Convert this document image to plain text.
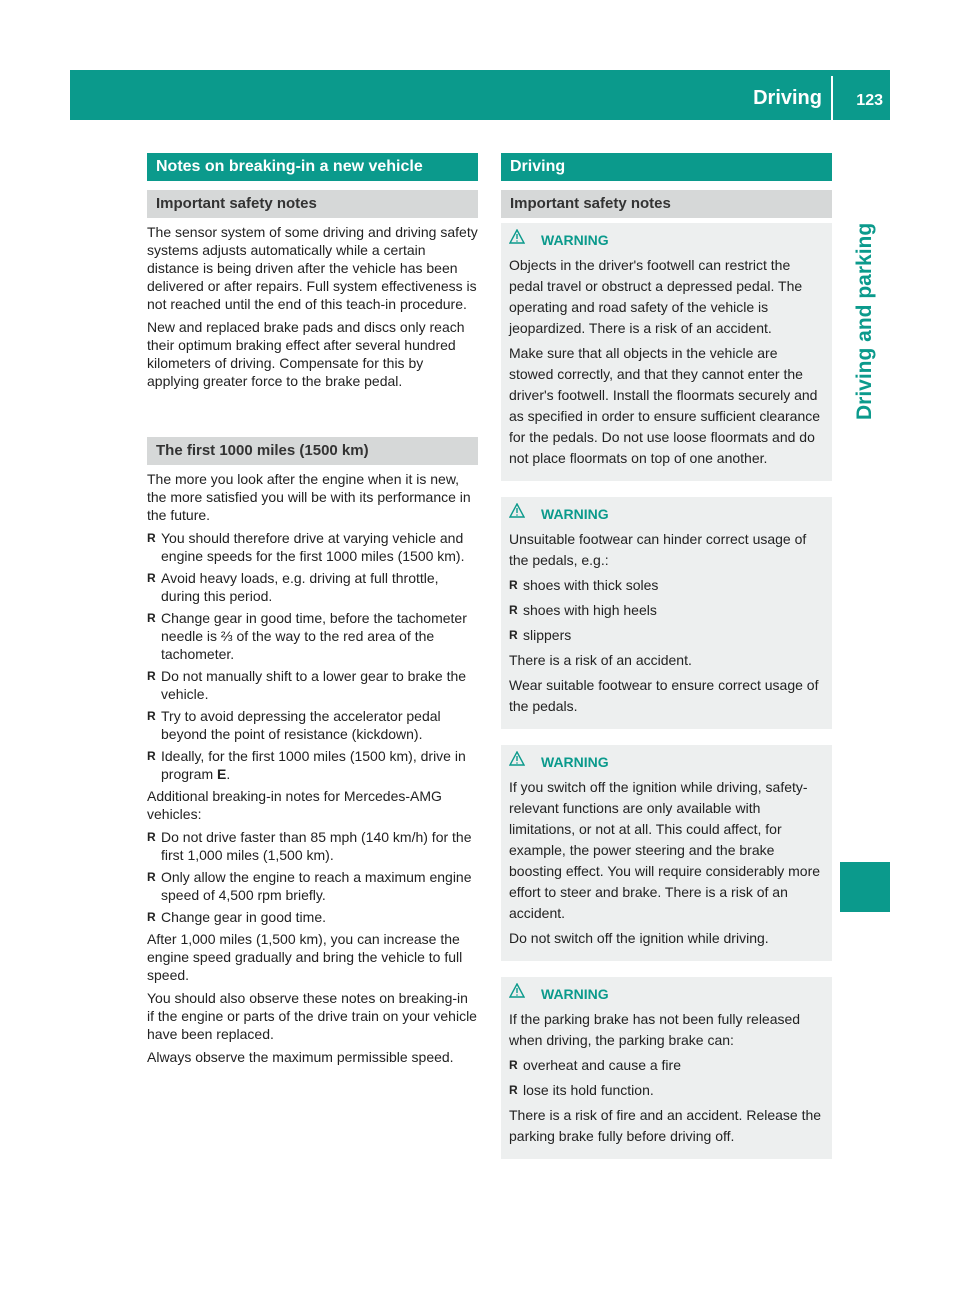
Driving 123
Driving and parking
Notes on breaking-in a new vehicle
Important safety notes

The sensor system of some driving and driving safety systems adjusts automatically while a certain distance is being driven after the vehicle has been delivered or after repairs. Full system effectiveness is not reached until the end of this teach-in procedure.

New and replaced brake pads and discs only reach their optimum braking effect after several hundred kilometers of driving. Compensate for this by applying greater force to the brake pedal.

The first 1000 miles (1500 km)

The more you look after the engine when it is new, the more satisfied you will be with its performance in the future.

R You should therefore drive at varying vehicle and engine speeds for the first 1000 miles (1500 km).
R Avoid heavy loads, e.g. driving at full throttle, during this period.
R Change gear in good time, before the tachometer needle is ⅔ of the way to the red area of the tachometer.
R Do not manually shift to a lower gear to brake the vehicle.
R Try to avoid depressing the accelerator pedal beyond the point of resistance (kickdown).
R Ideally, for the first 1000 miles (1500 km), drive in program E.

Additional breaking-in notes for Mercedes-AMG vehicles:

R Do not drive faster than 85 mph (140 km/h) for the first 1,000 miles (1,500 km).
R Only allow the engine to reach a maximum engine speed of 4,500 rpm briefly.
R Change gear in good time.

After 1,000 miles (1,500 km), you can increase the engine speed gradually and bring the vehicle to full speed.

You should also observe these notes on breaking-in if the engine or parts of the drive train on your vehicle have been replaced.

Always observe the maximum permissible speed.

Driving
Important safety notes
WARNING

Objects in the driver's footwell can restrict the pedal travel or obstruct a depressed pedal. The operating and road safety of the vehicle is jeopardized. There is a risk of an accident.

Make sure that all objects in the vehicle are stowed correctly, and that they cannot enter the driver's footwell. Install the floormats securely and as specified in order to ensure sufficient clearance for the pedals. Do not use loose floormats and do not place floormats on top of one another.

WARNING

Unsuitable footwear can hinder correct usage of the pedals, e.g.:

R shoes with thick soles
R shoes with high heels
R slippers

There is a risk of an accident.

Wear suitable footwear to ensure correct usage of the pedals.

WARNING

If you switch off the ignition while driving, safety-relevant functions are only available with limitations, or not at all. This could affect, for example, the power steering and the brake boosting effect. You will require considerably more effort to steer and brake. There is a risk of an accident.

Do not switch off the ignition while driving.

WARNING

If the parking brake has not been fully released when driving, the parking brake can:

R overheat and cause a fire
R lose its hold function.

There is a risk of fire and an accident. Release the parking brake fully before driving off.
